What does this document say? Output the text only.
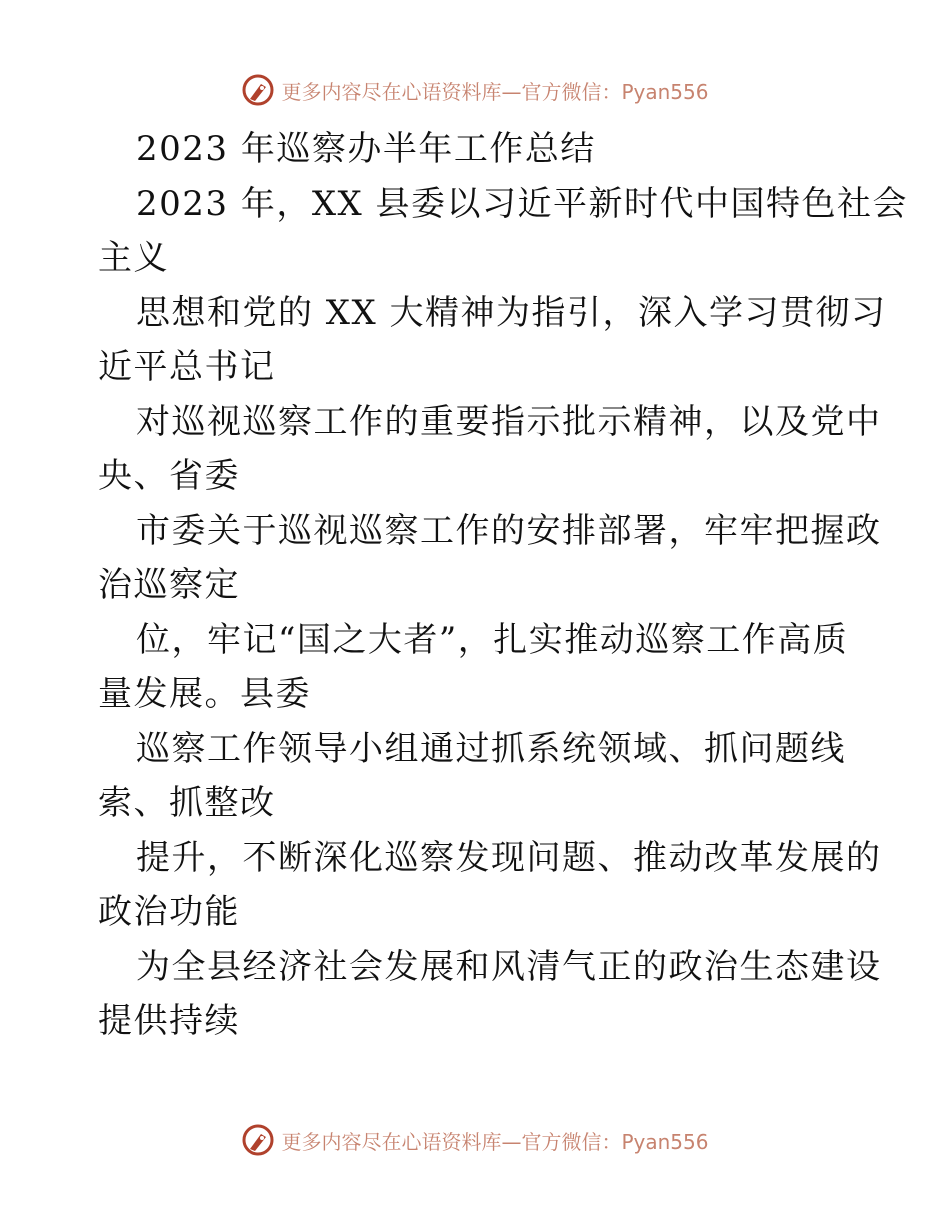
更多内容尽在心语资料库—官方微信：Pyan556
2023 年巡察办半年工作总结
2023 年，XX 县委以习近平新时代中国特色社会
主义
思想和党的 XX 大精神为指引，深入学习贯彻习
近平总书记
对巡视巡察工作的重要指示批示精神，以及党中
央、省委
市委关于巡视巡察工作的安排部署，牢牢把握政
治巡察定
位，牢记“国之大者”，扎实推动巡察工作高质
量发展。县委
巡察工作领导小组通过抓系统领域、抓问题线
索、抓整改
提升，不断深化巡察发现问题、推动改革发展的
政治功能
为全县经济社会发展和风清气正的政治生态建设
提供持续
更多内容尽在心语资料库—官方微信：Pyan556
